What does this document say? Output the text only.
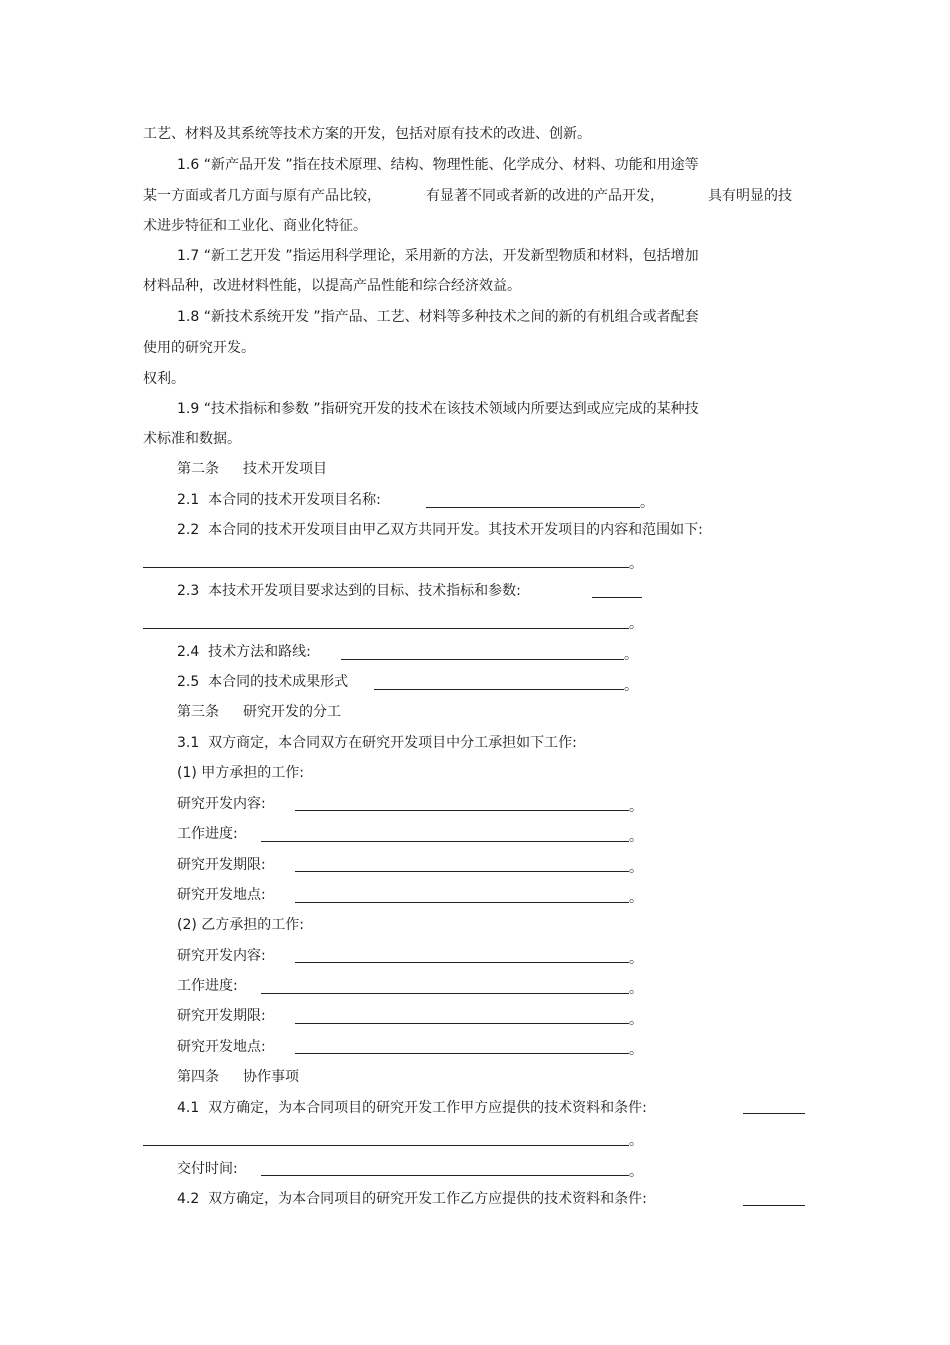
工艺、材料及其系统等技术方案的开发，包括对原有技术的改进、创新。
1.6 “新产品开发 ”指在技术原理、结构、物理性能、化学成分、材料、功能和用途等
某一方面或者几方面与原有产品比较，	有显著不同或者新的改进的产品开发，	具有明显的技
术进步特征和工业化、商业化特征。
1.7 “新工艺开发 ”指运用科学理论，采用新的方法，开发新型物质和材料，包括增加
材料品种，改进材料性能，以提高产品性能和综合经济效益。
1.8 “新技术系统开发 ”指产品、工艺、材料等多种技术之间的新的有机组合或者配套
使用的研究开发。
权利。
1.9 “技术指标和参数 ”指研究开发的技术在该技术领域内所要达到或应完成的某种技
术标准和数据。
第二条 技术开发项目
2.1  本合同的技术开发项目名称:	。
2.2  本合同的技术开发项目由甲乙双方共同开发。其技术开发项目的内容和范围如下:
。
2.3  本技术开发项目要求达到的目标、技术指标和参数:
。
2.4  技术方法和路线:	。
2.5  本合同的技术成果形式	。
第三条 研究开发的分工
3.1  双方商定，本合同双方在研究开发项目中分工承担如下工作:
(1) 甲方承担的工作:
研究开发内容:	。
工作进度:	。
研究开发期限:	。
研究开发地点:	。
(2) 乙方承担的工作:
研究开发内容:	。
工作进度:	。
研究开发期限:	。
研究开发地点:	。
第四条 协作事项
4.1  双方确定，为本合同项目的研究开发工作甲方应提供的技术资料和条件:
。
交付时间:	。
4.2  双方确定，为本合同项目的研究开发工作乙方应提供的技术资料和条件:
